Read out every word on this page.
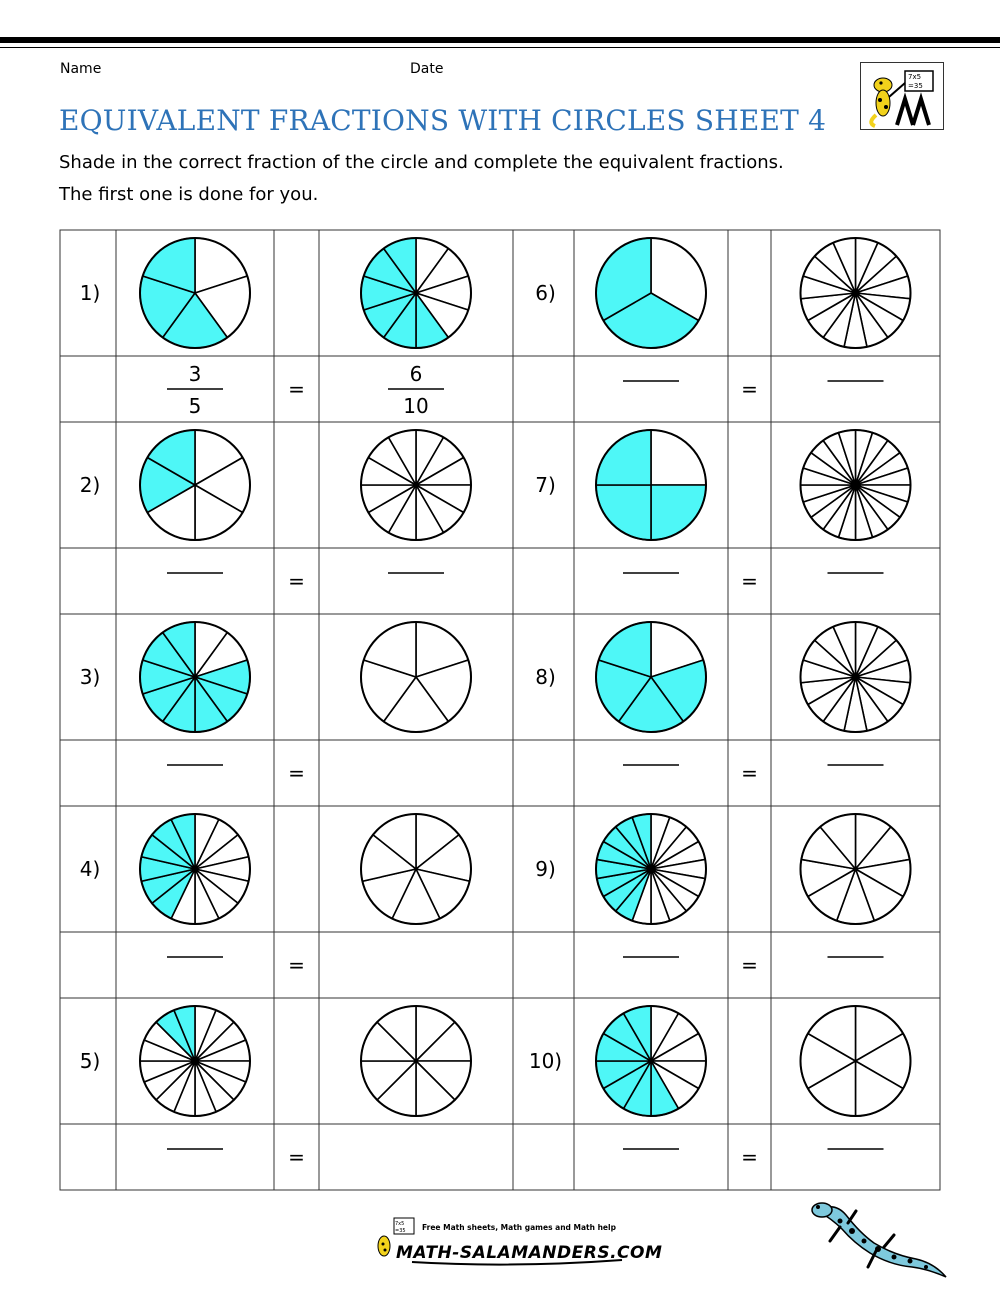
Name	Date	7x5
=35
EQUIVALENT FRACTIONS WITH CIRCLES SHEET 4
Shade in the correct fraction of the circle and complete the equivalent fractions.
The first one is done for you.
1)
=
3
5
6
10
2)
=
3)
=
4)
=
5)
=
6)
=
7)
=
8)
=
9)
=
10)
=
7x5
=35 Free Math sheets, Math games and Math help
MATH-SALAMANDERS.COM
